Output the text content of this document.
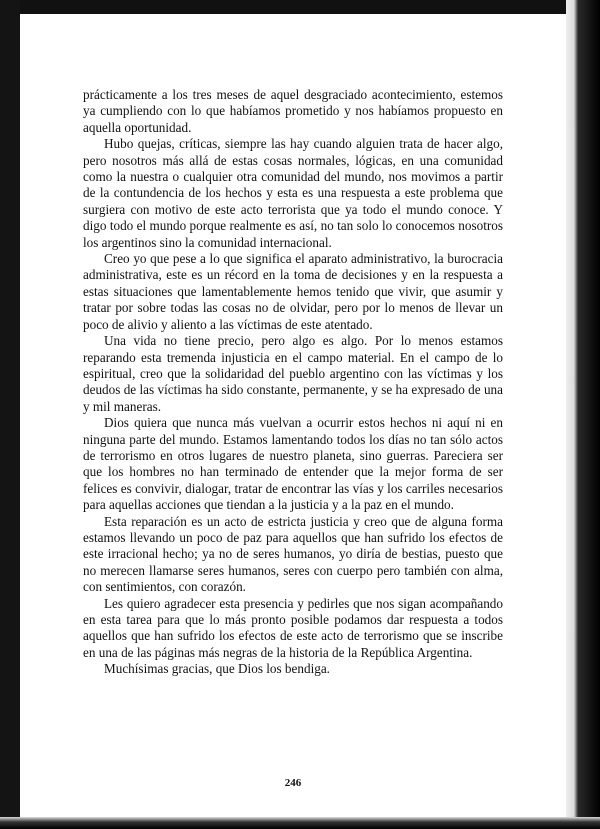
prácticamente a los tres meses de aquel desgraciado acontecimiento, estemos ya cumpliendo con lo que habíamos prometido y nos habíamos propuesto en aquella oportunidad.

Hubo quejas, críticas, siempre las hay cuando alguien trata de hacer algo, pero nosotros más allá de estas cosas normales, lógicas, en una comunidad como la nuestra o cualquier otra comunidad del mundo, nos movimos a partir de la contundencia de los hechos y esta es una respuesta a este problema que surgiera con motivo de este acto terrorista que ya todo el mundo conoce. Y digo todo el mundo porque realmente es así, no tan solo lo conocemos nosotros los argentinos sino la comunidad internacional.

Creo yo que pese a lo que significa el aparato administrativo, la burocracia administrativa, este es un récord en la toma de decisiones y en la respuesta a estas situaciones que lamentablemente hemos tenido que vivir, que asumir y tratar por sobre todas las cosas no de olvidar, pero por lo menos de llevar un poco de alivio y aliento a las víctimas de este atentado.

Una vida no tiene precio, pero algo es algo. Por lo menos estamos reparando esta tremenda injusticia en el campo material. En el campo de lo espiritual, creo que la solidaridad del pueblo argentino con las víctimas y los deudos de las víctimas ha sido constante, permanente, y se ha expresado de una y mil maneras.

Dios quiera que nunca más vuelvan a ocurrir estos hechos ni aquí ni en ninguna parte del mundo. Estamos lamentando todos los días no tan sólo actos de terrorismo en otros lugares de nuestro planeta, sino guerras. Pareciera ser que los hombres no han terminado de entender que la mejor forma de ser felices es convivir, dialogar, tratar de encontrar las vías y los carriles necesarios para aquellas acciones que tiendan a la justicia y a la paz en el mundo.

Esta reparación es un acto de estricta justicia y creo que de alguna forma estamos llevando un poco de paz para aquellos que han sufrido los efectos de este irracional hecho; ya no de seres humanos, yo diría de bestias, puesto que no merecen llamarse seres humanos, seres con cuerpo pero también con alma, con sentimientos, con corazón.

Les quiero agradecer esta presencia y pedirles que nos sigan acompañando en esta tarea para que lo más pronto posible podamos dar respuesta a todos aquellos que han sufrido los efectos de este acto de terrorismo que se inscribe en una de las páginas más negras de la historia de la República Argentina.

Muchísimas gracias, que Dios los bendiga.

246
